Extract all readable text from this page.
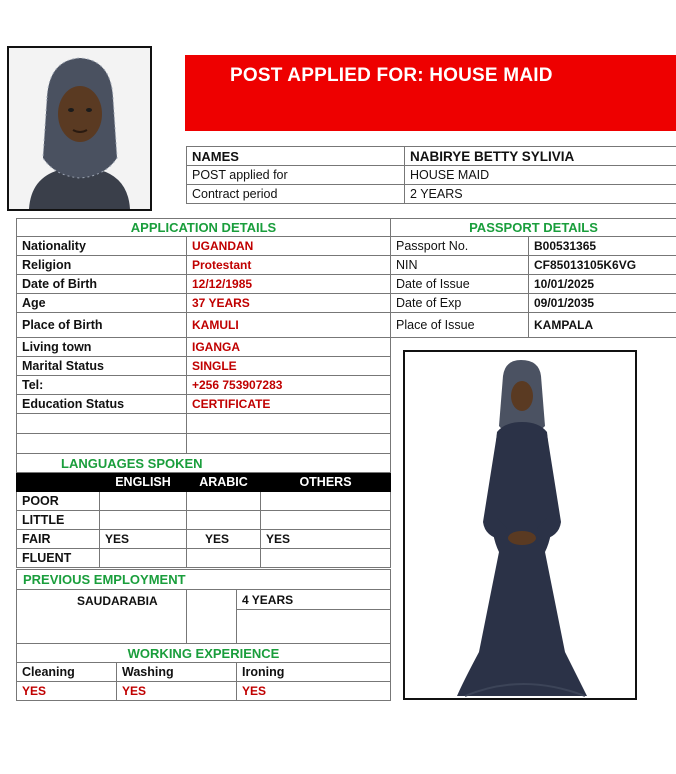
POST APPLIED FOR: HOUSE MAID
NAMES	NABIRYE BETTY SYLIVIA
POST applied for	HOUSE MAID
Contract period	2 YEARS
APPLICATION DETAILS	
Nationality	UGANDAN
Religion	Protestant
Date of Birth	12/12/1985
Age	37 YEARS
Place of Birth	KAMULI
Living town	IGANGA
Marital Status	SINGLE
Tel:	+256 753907283
Education Status	CERTIFICATE

PASSPORT DETAILS	
Passport No.	B00531365
NIN	CF85013105K6VG
Date of Issue	10/01/2025
Date of Exp	09/01/2035
Place of Issue	KAMPALA
LANGUAGES SPOKEN			
	ENGLISH	ARABIC	OTHERS
POOR			
LITTLE			
FAIR	YES	YES	YES
FLUENT			
PREVIOUS EMPLOYMENT
SAUDARABIA		4 YEARS

WORKING EXPERIENCE		
Cleaning	Washing	Ironing
YES	YES	YES
